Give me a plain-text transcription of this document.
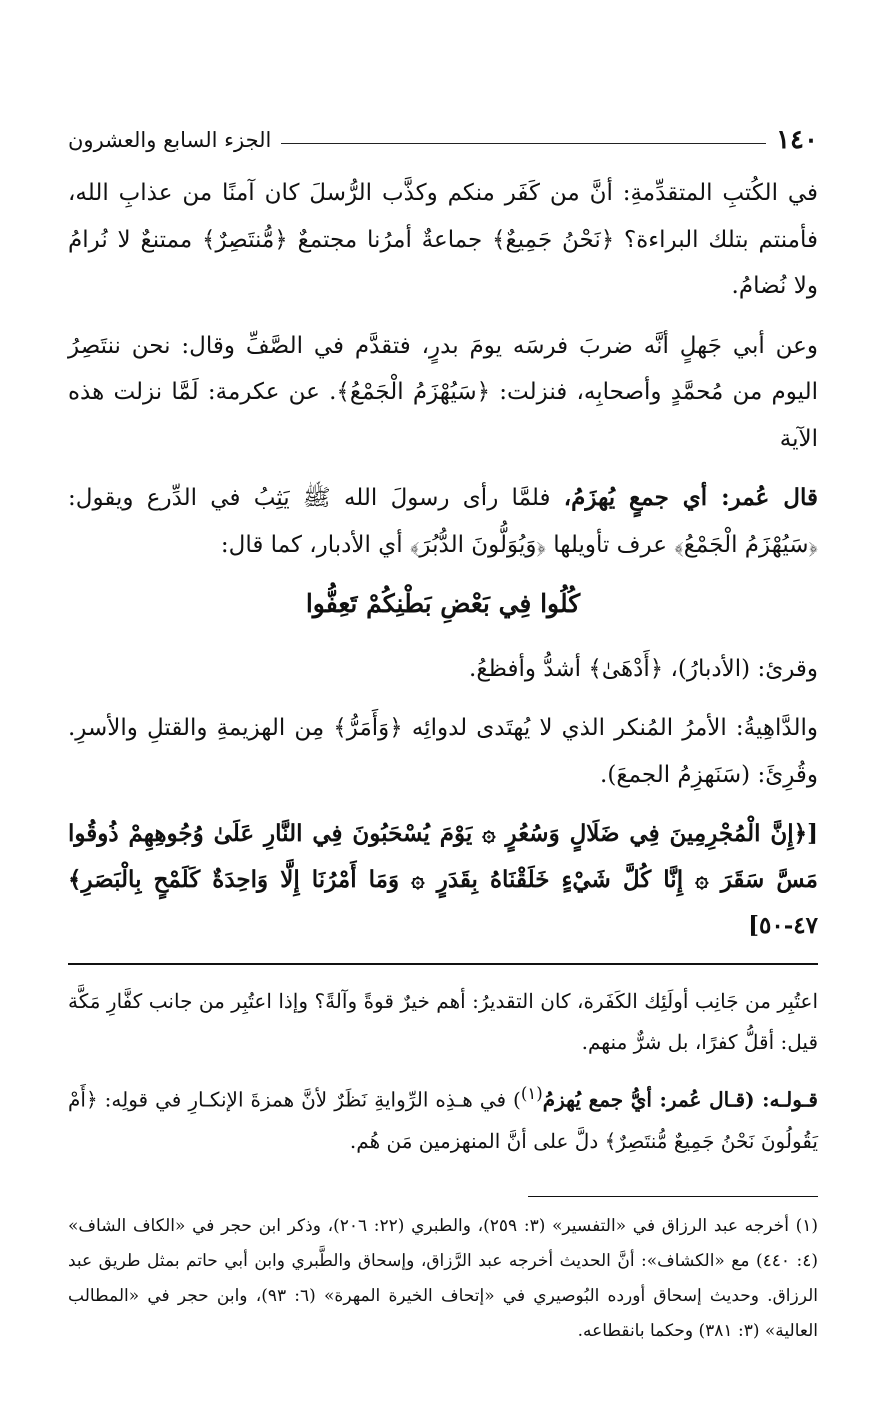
١٤٠
الجزء السابع والعشرون

في الكُتبِ المتقدِّمةِ: أنَّ من كَفَر منكم وكذَّب الرُّسلَ كان آمنًا من عذابِ الله، فأمنتم بتلك البراءة؟ ﴿نَحْنُ جَمِيعٌ﴾ جماعةٌ أمرُنا مجتمعٌ ﴿مُّنتَصِرٌ﴾ ممتنعٌ لا نُرامُ ولا نُضامُ.

وعن أبي جَهلٍ أنَّه ضربَ فرسَه يومَ بدرٍ، فتقدَّم في الصَّفِّ وقال: نحن ننتَصِرُ اليوم من مُحمَّدٍ وأصحابِه، فنزلت: ﴿سَيُهْزَمُ الْجَمْعُ﴾. عن عكرمة: لَمَّا نزلت هذه الآية

قال عُمر: أي جمعٍ يُهزَمُ، فلمَّا رأى رسولَ الله ﷺ يَثِبُ في الدِّرع ويقول: ﴿سَيُهْزَمُ الْجَمْعُ﴾ عرف تأويلها ﴿وَيُوَلُّونَ الدُّبُرَ﴾ أي الأدبار، كما قال:

كُلُوا فِي بَعْضِ بَطْنِكُمْ تَعِفُّوا

وقرئ: (الأدبارُ)، ﴿أَدْهَىٰ﴾ أشدُّ وأفظعُ.

والدَّاهِيةُ: الأمرُ المُنكر الذي لا يُهتَدى لدوائِه ﴿وَأَمَرُّ﴾ مِن الهزيمةِ والقتلِ والأسرِ. وقُرِئَ: (سَنَهزِمُ الجمعَ).

[﴿إِنَّ الْمُجْرِمِينَ فِي ضَلَالٍ وَسُعُرٍ ۞ يَوْمَ يُسْحَبُونَ فِي النَّارِ عَلَىٰ وُجُوهِهِمْ ذُوقُوا مَسَّ سَقَرَ ۞ إِنَّا كُلَّ شَيْءٍ خَلَقْنَاهُ بِقَدَرٍ ۞ وَمَا أَمْرُنَا إِلَّا وَاحِدَةٌ كَلَمْحٍ بِالْبَصَرِ﴾ ٤٧-٥٠]

اعتُبِر من جَانِب أولَئِك الكَفَرة، كان التقديرُ: أهم خيرٌ قوةً وآلةً؟ وإذا اعتُبِر من جانب كفَّارِ مَكَّة قيل: أقلُّ كفرًا، بل شرٌّ منهم.

قـولـه: (قـال عُمر: أيُّ جمع يُهزمُ$^{(١)}$) في هـذِه الرِّوايةِ نَظَرٌ لأنَّ همزةَ الإنكـارِ في قولِه: ﴿أَمْ يَقُولُونَ نَحْنُ جَمِيعٌ مُّنتَصِرٌ﴾ دلَّ على أنَّ المنهزمين مَن هُم.

(١) أخرجه عبد الرزاق في «التفسير» (٣: ٢٥٩)، والطبري (٢٢: ٢٠٦)، وذكر ابن حجر في «الكاف الشاف» (٤: ٤٤٠) مع «الكشاف»: أنَّ الحديث أخرجه عبد الرَّزاق، وإسحاق والطَّبري وابن أبي حاتم بمثل طريق عبد الرزاق. وحديث إسحاق أورده البُوصيري في «إتحاف الخيرة المهرة» (٦: ٩٣)، وابن حجر في «المطالب العالية» (٣: ٣٨١) وحكما بانقطاعه.
